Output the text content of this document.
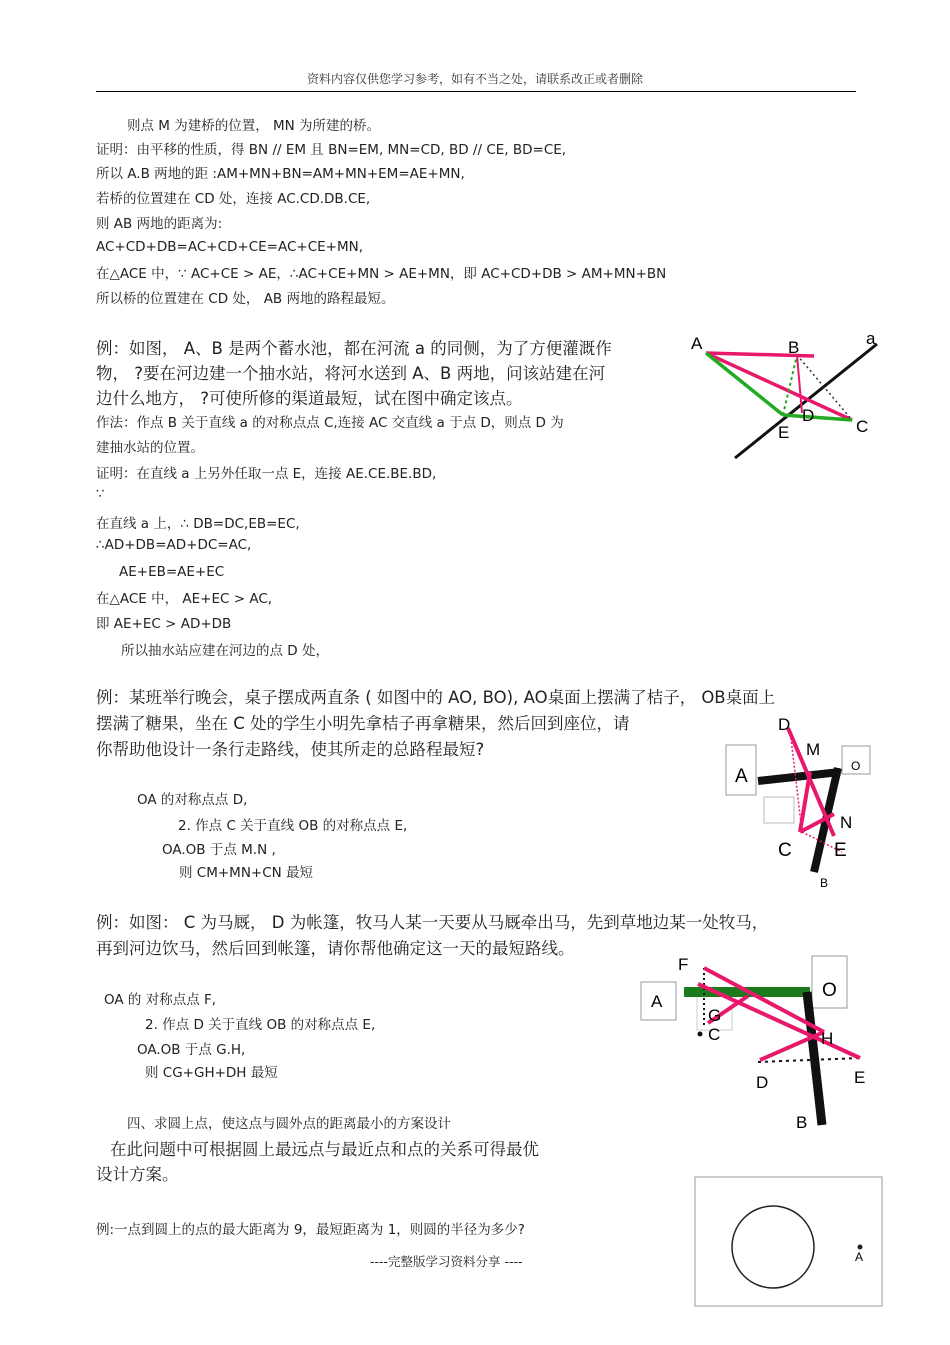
资料内容仅供您学习参考，如有不当之处，请联系改正或者删除
则点 M 为建桥的位置， MN 为所建的桥。
证明：由平移的性质，得 BN // EM 且 BN=EM, MN=CD, BD // CE, BD=CE,
所以 A.B 两地的距 :AM+MN+BN=AM+MN+EM=AE+MN,
若桥的位置建在 CD 处，连接 AC.CD.DB.CE,
则 AB 两地的距离为:
AC+CD+DB=AC+CD+CE=AC+CE+MN,
在△ACE 中，∵ AC+CE > AE，∴AC+CE+MN > AE+MN，即 AC+CD+DB > AM+MN+BN
所以桥的位置建在 CD 处， AB 两地的路程最短。
例：如图， A、B 是两个蓄水池，都在河流 a 的同侧，为了方便灌溉作
物， ?要在河边建一个抽水站，将河水送到 A、B 两地，问该站建在河
边什么地方， ?可使所修的渠道最短，试在图中确定该点。
作法：作点 B 关于直线 a 的对称点点 C,连接 AC 交直线 a 于点 D，则点 D 为
建抽水站的位置。
证明：在直线 a 上另外任取一点 E，连接 AE.CE.BE.BD,
∵
在直线 a 上，∴ DB=DC,EB=EC,
∴AD+DB=AD+DC=AC,
AE+EB=AE+EC
在△ACE 中， AE+EC > AC,
即 AE+EC > AD+DB
所以抽水站应建在河边的点 D 处，
A	B	a
D
E	C
例：某班举行晚会，桌子摆成两直条 ( 如图中的 AO, BO), AO桌面上摆满了桔子， OB桌面上
摆满了糖果，坐在 C 处的学生小明先拿桔子再拿糖果，然后回到座位，请
你帮助他设计一条行走路线，使其所走的总路程最短?
OA 的对称点点 D,
2. 作点 C 关于直线 OB 的对称点点 E,
OA.OB 于点 M.N ,
则 CM+MN+CN 最短
D
M
A	O
N
C E
B
例：如图： C 为马厩， D 为帐篷，牧马人某一天要从马厩牵出马，先到草地边某一处牧马，
再到河边饮马，然后回到帐篷，请你帮他确定这一天的最短路线。
OA 的 对称点点 F,
2. 作点 D 关于直线 OB 的对称点点 E,
OA.OB 于点 G.H,
则 CG+GH+DH 最短
F
O
A
G
C	H
D	E
B
四、求圆上点，使这点与圆外点的距离最小的方案设计
在此问题中可根据圆上最远点与最近点和点的关系可得最优
设计方案。
例:一点到圆上的点的最大距离为 9，最短距离为 1，则圆的半径为多少?
A
----完整版学习资料分享 ----
